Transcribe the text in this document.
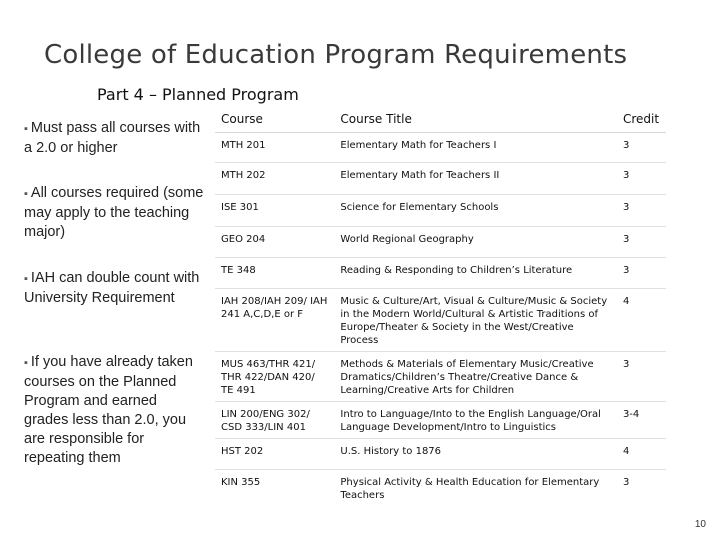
College of Education Program Requirements
Part 4 – Planned Program
▪ Must pass all courses with a 2.0 or higher
▪ All courses required (some may apply to the teaching major)
▪ IAH can double count with University Requirement
▪ If you have already taken courses on the Planned Program and earned grades less than 2.0, you are responsible for repeating them
Course	Course Title	Credit
MTH 201	Elementary Math for Teachers I	3
MTH 202	Elementary Math for Teachers II	3
ISE 301	Science for Elementary Schools	3
GEO 204	World Regional Geography	3
TE 348	Reading & Responding to Children’s Literature	3
IAH 208/IAH 209/ IAH 241 A,C,D,E or F	Music & Culture/Art, Visual & Culture/Music & Society in the Modern World/Cultural & Artistic Traditions of Europe/Theater & Society in the West/Creative Process	4
MUS 463/THR 421/ THR 422/DAN 420/ TE 491	Methods & Materials of Elementary Music/Creative Dramatics/Children’s Theatre/Creative Dance & Learning/Creative Arts for Children	3
LIN 200/ENG 302/ CSD 333/LIN 401	Intro to Language/Into to the English Language/Oral Language Development/Intro to Linguistics	3-4
HST 202	U.S. History to 1876	4
KIN 355	Physical Activity & Health Education for Elementary Teachers	3
10
